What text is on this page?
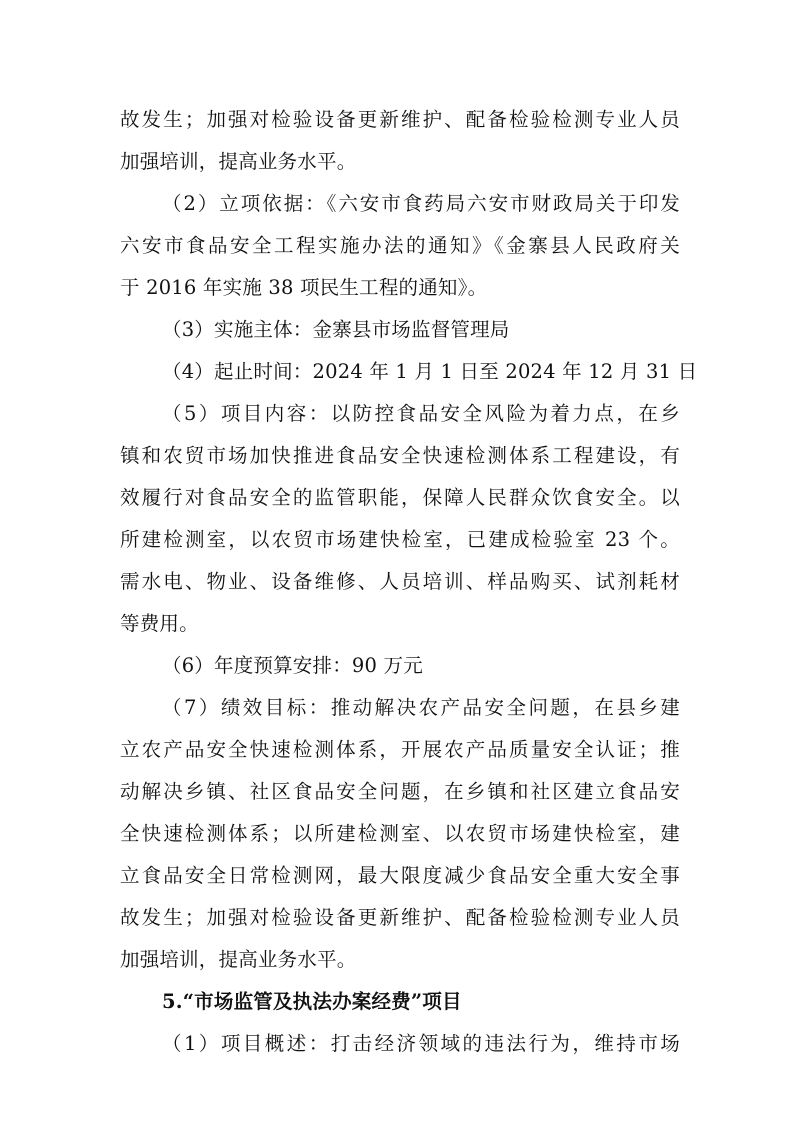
故发生；加强对检验设备更新维护、配备检验检测专业人员
加强培训，提高业务水平。
（2）立项依据：《六安市食药局六安市财政局关于印发
六安市食品安全工程实施办法的通知》《金寨县人民政府关
于 2016 年实施 38 项民生工程的通知》。
（3）实施主体：金寨县市场监督管理局
（4）起止时间：2024 年 1 月 1 日至 2024 年 12 月 31 日
（5）项目内容：以防控食品安全风险为着力点，在乡
镇和农贸市场加快推进食品安全快速检测体系工程建设，有
效履行对食品安全的监管职能，保障人民群众饮食安全。以
所建检测室，以农贸市场建快检室，已建成检验室 23 个。
需水电、物业、设备维修、人员培训、样品购买、试剂耗材
等费用。
（6）年度预算安排：90 万元
（7）绩效目标：推动解决农产品安全问题，在县乡建
立农产品安全快速检测体系，开展农产品质量安全认证；推
动解决乡镇、社区食品安全问题，在乡镇和社区建立食品安
全快速检测体系；以所建检测室、以农贸市场建快检室，建
立食品安全日常检测网，最大限度减少食品安全重大安全事
故发生；加强对检验设备更新维护、配备检验检测专业人员
加强培训，提高业务水平。
5.“市场监管及执法办案经费”项目
（1）项目概述：打击经济领域的违法行为，维持市场
